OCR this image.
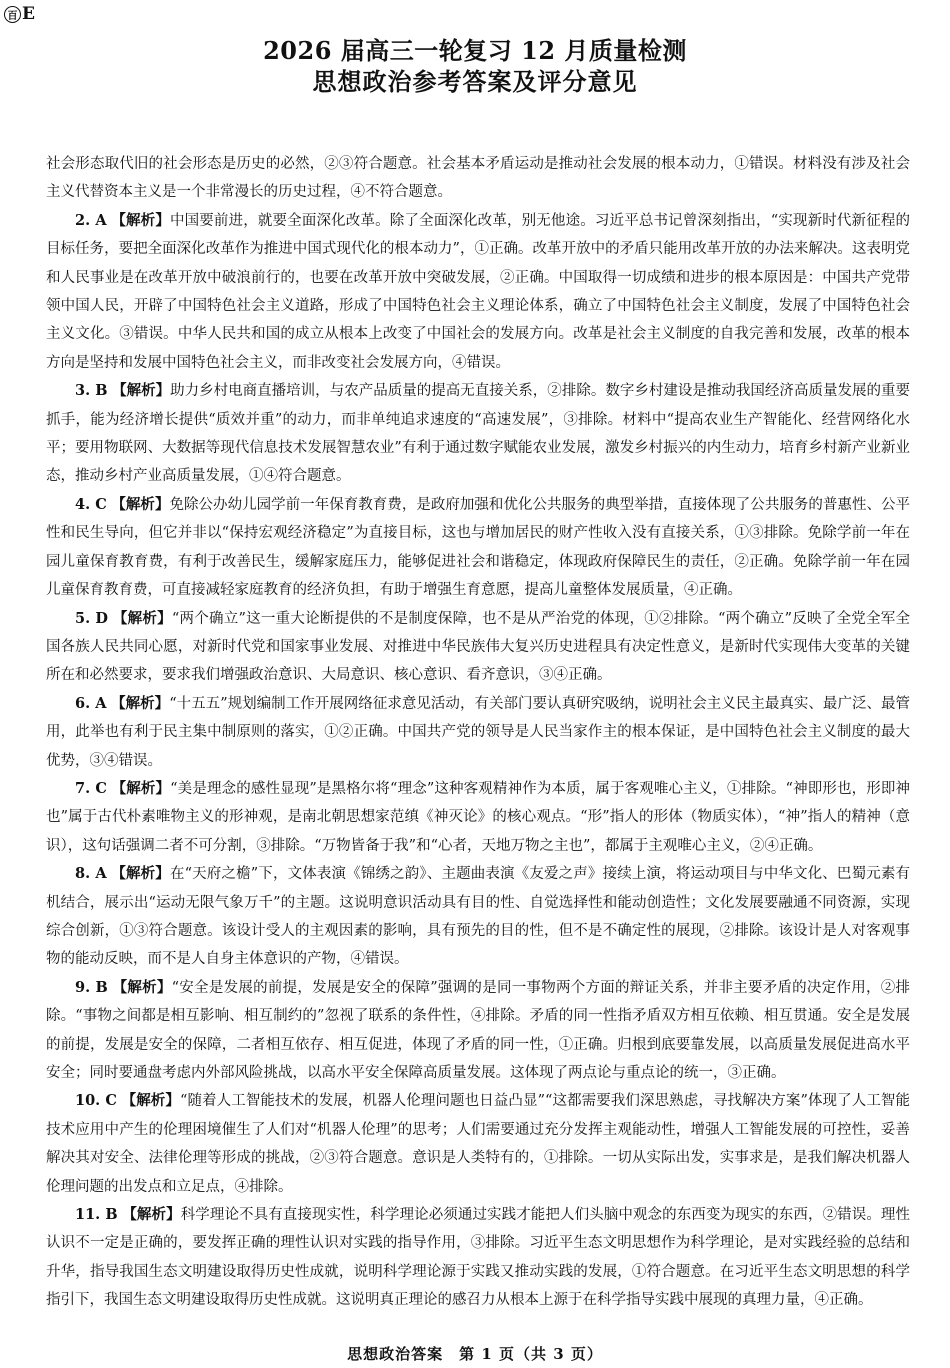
百 E
2026 届高三一轮复习 12 月质量检测
思想政治参考答案及评分意见

社会形态取代旧的社会形态是历史的必然，②③符合题意。社会基本矛盾运动是推动社会发展的根本动力，①错误。材料没有涉及社会主义代替资本主义是一个非常漫长的历史过程，④不符合题意。

2. A 【解析】中国要前进，就要全面深化改革。除了全面深化改革，别无他途。习近平总书记曾深刻指出，“实现新时代新征程的目标任务，要把全面深化改革作为推进中国式现代化的根本动力”，①正确。改革开放中的矛盾只能用改革开放的办法来解决。这表明党和人民事业是在改革开放中破浪前行的，也要在改革开放中突破发展，②正确。中国取得一切成绩和进步的根本原因是：中国共产党带领中国人民，开辟了中国特色社会主义道路，形成了中国特色社会主义理论体系，确立了中国特色社会主义制度，发展了中国特色社会主义文化。③错误。中华人民共和国的成立从根本上改变了中国社会的发展方向。改革是社会主义制度的自我完善和发展，改革的根本方向是坚持和发展中国特色社会主义，而非改变社会发展方向，④错误。

3. B 【解析】助力乡村电商直播培训，与农产品质量的提高无直接关系，②排除。数字乡村建设是推动我国经济高质量发展的重要抓手，能为经济增长提供“质效并重”的动力，而非单纯追求速度的“高速发展”，③排除。材料中“提高农业生产智能化、经营网络化水平；要用物联网、大数据等现代信息技术发展智慧农业”有利于通过数字赋能农业发展，激发乡村振兴的内生动力，培育乡村新产业新业态，推动乡村产业高质量发展，①④符合题意。

4. C 【解析】免除公办幼儿园学前一年保育教育费，是政府加强和优化公共服务的典型举措，直接体现了公共服务的普惠性、公平性和民生导向，但它并非以“保持宏观经济稳定”为直接目标，这也与增加居民的财产性收入没有直接关系，①③排除。免除学前一年在园儿童保育教育费，有利于改善民生，缓解家庭压力，能够促进社会和谐稳定，体现政府保障民生的责任，②正确。免除学前一年在园儿童保育教育费，可直接减轻家庭教育的经济负担，有助于增强生育意愿，提高儿童整体发展质量，④正确。

5. D 【解析】“两个确立”这一重大论断提供的不是制度保障，也不是从严治党的体现，①②排除。“两个确立”反映了全党全军全国各族人民共同心愿，对新时代党和国家事业发展、对推进中华民族伟大复兴历史进程具有决定性意义，是新时代实现伟大变革的关键所在和必然要求，要求我们增强政治意识、大局意识、核心意识、看齐意识，③④正确。

6. A 【解析】“十五五”规划编制工作开展网络征求意见活动，有关部门要认真研究吸纳，说明社会主义民主最真实、最广泛、最管用，此举也有利于民主集中制原则的落实，①②正确。中国共产党的领导是人民当家作主的根本保证，是中国特色社会主义制度的最大优势，③④错误。

7. C 【解析】“美是理念的感性显现”是黑格尔将“理念”这种客观精神作为本质，属于客观唯心主义，①排除。“神即形也，形即神也”属于古代朴素唯物主义的形神观，是南北朝思想家范缜《神灭论》的核心观点。“形”指人的形体（物质实体），“神”指人的精神（意识），这句话强调二者不可分割，③排除。“万物皆备于我”和“心者，天地万物之主也”，都属于主观唯心主义，②④正确。

8. A 【解析】在“天府之檐”下，文体表演《锦绣之韵》、主题曲表演《友爱之声》接续上演，将运动项目与中华文化、巴蜀元素有机结合，展示出“运动无限气象万千”的主题。这说明意识活动具有目的性、自觉选择性和能动创造性；文化发展要融通不同资源，实现综合创新，①③符合题意。该设计受人的主观因素的影响，具有预先的目的性，但不是不确定性的展现，②排除。该设计是人对客观事物的能动反映，而不是人自身主体意识的产物，④错误。

9. B 【解析】“安全是发展的前提，发展是安全的保障”强调的是同一事物两个方面的辩证关系，并非主要矛盾的决定作用，②排除。“事物之间都是相互影响、相互制约的”忽视了联系的条件性，④排除。矛盾的同一性指矛盾双方相互依赖、相互贯通。安全是发展的前提，发展是安全的保障，二者相互依存、相互促进，体现了矛盾的同一性，①正确。归根到底要靠发展，以高质量发展促进高水平安全；同时要通盘考虑内外部风险挑战，以高水平安全保障高质量发展。这体现了两点论与重点论的统一，③正确。

10. C 【解析】“随着人工智能技术的发展，机器人伦理问题也日益凸显”“这都需要我们深思熟虑，寻找解决方案”体现了人工智能技术应用中产生的伦理困境催生了人们对“机器人伦理”的思考；人们需要通过充分发挥主观能动性，增强人工智能发展的可控性，妥善解决其对安全、法律伦理等形成的挑战，②③符合题意。意识是人类特有的，①排除。一切从实际出发，实事求是，是我们解决机器人伦理问题的出发点和立足点，④排除。

11. B 【解析】科学理论不具有直接现实性，科学理论必须通过实践才能把人们头脑中观念的东西变为现实的东西，②错误。理性认识不一定是正确的，要发挥正确的理性认识对实践的指导作用，③排除。习近平生态文明思想作为科学理论，是对实践经验的总结和升华，指导我国生态文明建设取得历史性成就，说明科学理论源于实践又推动实践的发展，①符合题意。在习近平生态文明思想的科学指引下，我国生态文明建设取得历史性成就。这说明真正理论的感召力从根本上源于在科学指导实践中展现的真理力量，④正确。

思想政治答案　第 1 页（共 3 页）
